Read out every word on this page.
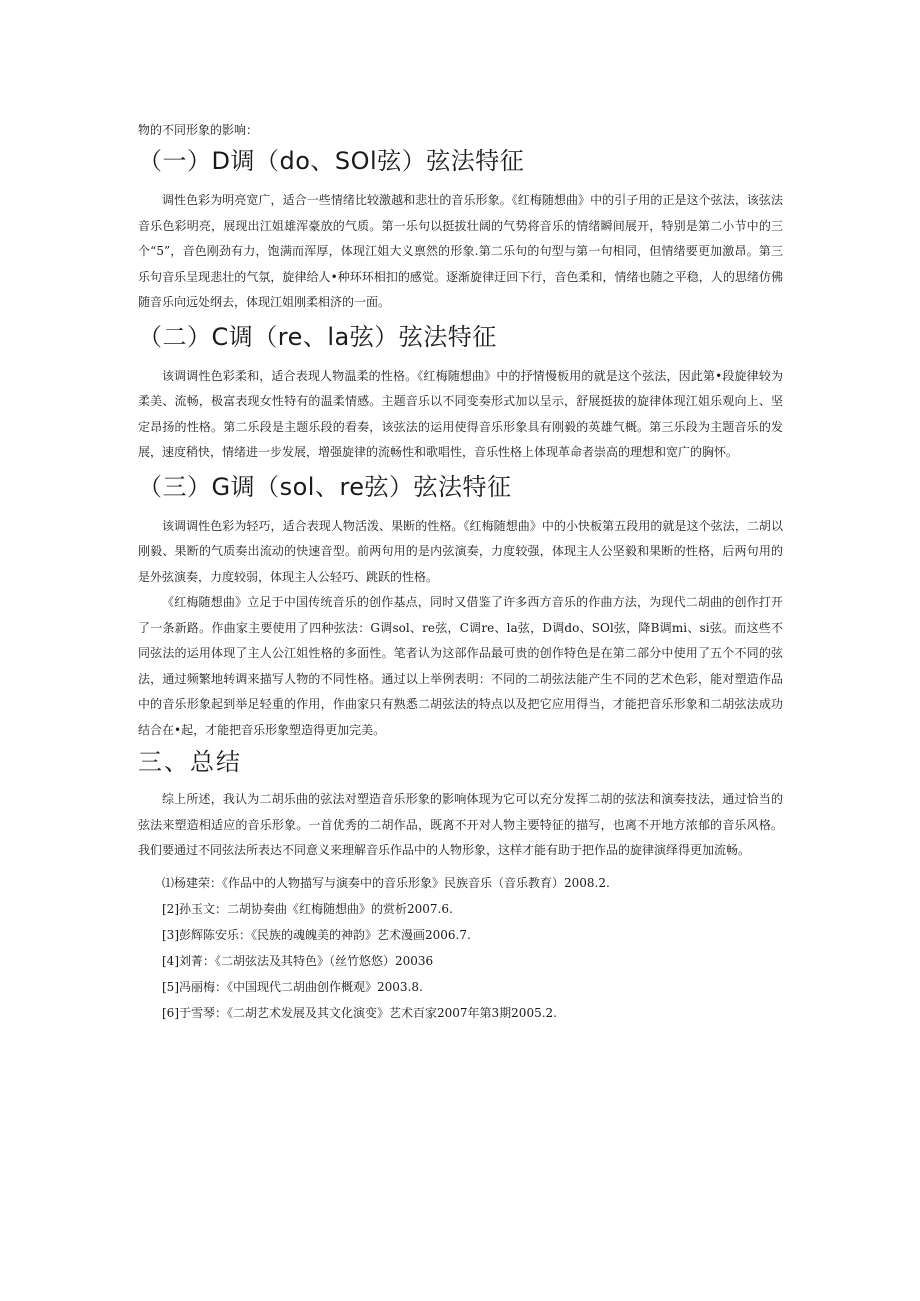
物的不同形象的影响：

（一）D调（do、SOl弦）弦法特征

调性色彩为明亮宽广，适合一些情绪比较激越和悲壮的音乐形象。《红梅随想曲》中的引子用的正是这个弦法，该弦法音乐色彩明亮，展现出江姐雄浑豪放的气质。第一乐句以挺拔壮阔的气势将音乐的情绪瞬间展开，特别是第二小节中的三个“5”，音色刚劲有力，饱满而浑厚，体现江姐大义禀然的形象.第二乐句的句型与第一句相同，但情绪要更加激昂。第三乐句音乐呈现悲壮的气氛，旋律给人•种环环相扣的感觉。逐渐旋律迂回下行，音色柔和，情绪也随之平稳，人的思绪仿佛随音乐向远处纲去，体现江姐刚柔相济的一面。

（二）C调（re、la弦）弦法特征

该调调性色彩柔和，适合表现人物温柔的性格。《红梅随想曲》中的抒情慢板用的就是这个弦法，因此第•段旋律较为柔美、流畅，极富表现女性特有的温柔情感。主题音乐以不同变奏形式加以呈示，舒展挺拔的旋律体现江姐乐观向上、坚定昂扬的性格。第二乐段是主题乐段的看奏，该弦法的运用使得音乐形象具有刚毅的英雄气概。第三乐段为主题音乐的发展，速度稍快，情绪进一步发展，增强旋律的流畅性和歌唱性，音乐性格上体现革命者崇高的理想和宽广的胸怀。

（三）G调（sol、re弦）弦法特征

该调调性色彩为轻巧，适合表现人物活泼、果断的性格。《红梅随想曲》中的小快板第五段用的就是这个弦法，二胡以刚毅、果断的气质奏出流动的快速音型。前两句用的是内弦演奏，力度较强，体现主人公坚毅和果断的性格，后两句用的是外弦演奏，力度较弱，体现主人公轻巧、跳跃的性格。

《红梅随想曲》立足于中国传统音乐的创作基点，同时又借鉴了许多西方音乐的作曲方法，为现代二胡曲的创作打开了一条新路。作曲家主要使用了四种弦法：G调sol、re弦，C调re、la弦，D调do、SOl弦，降B调mi、si弦。而这些不同弦法的运用体现了主人公江姐性格的多面性。笔者认为这部作品最可贵的创作特色是在第二部分中使用了五个不同的弦法，通过频繁地转调来描写人物的不同性格。通过以上举例表明：不同的二胡弦法能产生不同的艺术色彩，能对塑造作品中的音乐形象起到举足轻重的作用，作曲家只有熟悉二胡弦法的特点以及把它应用得当，才能把音乐形象和二胡弦法成功结合在•起，才能把音乐形象塑造得更加完美。

三、总结

综上所述，我认为二胡乐曲的弦法对塑造音乐形象的影响体现为它可以充分发挥二胡的弦法和演奏技法，通过恰当的弦法来塑造相适应的音乐形象。一首优秀的二胡作品，既离不开对人物主要特征的描写，也离不开地方浓郁的音乐风格。我们要通过不同弦法所表达不同意义来理解音乐作品中的人物形象，这样才能有助于把作品的旋律演绎得更加流畅。

⑴杨建荣：《作品中的人物描写与演奏中的音乐形象》民族音乐（音乐教育）2008.2.

[2]孙玉文：二胡协奏曲《红梅随想曲》的赏析2007.6.

[3]彭辉陈安乐：《民族的魂魄美的神韵》艺术漫画2006.7.

[4]刘菁：《二胡弦法及其特色》（丝竹悠悠）20036

[5]冯丽梅：《中国现代二胡曲创作概观》2003.8.

[6]于雪琴：《二胡艺术发展及其文化演变》艺术百家2007年第3期2005.2.
